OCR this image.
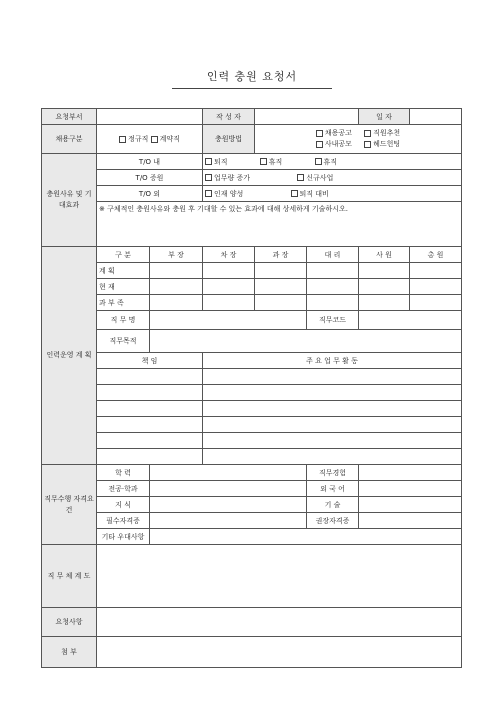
인력 충원 요청서
요청부서			작 성 자			일 자	
채용구분	정규직 계약직		충원방법	채용공고 직원추천
사내공모 헤드헌팅			
충원사유 및 기대효과	T/O 내		퇴직 휴직 휴직				
	T/O 증원		업무량 증가 신규사업				
	T/O 외		인재 양성 퇴직 대비				
	※ 구체적인 충원사유와 충원 후 기대할 수 있는 효과에 대해 상세하게 기술하시오.						
인력운영 계 획	구 분	부 장	차 장	과 장	대 리	사 원	총 원
	계 획						
	현 재						
	과 부 족						
	직 무 명				직무코드		
	직무목적						
	책 임		주 요 업 무 활 동				

직무수행 자격요건	학 력				직무경험		
	전공·학과				외 국 어		
	지 식				기 술		
	필수자격증				권장자격증		
	기타 우대사항						
직 무 체 계 도							
요청사항							
첨 부							
